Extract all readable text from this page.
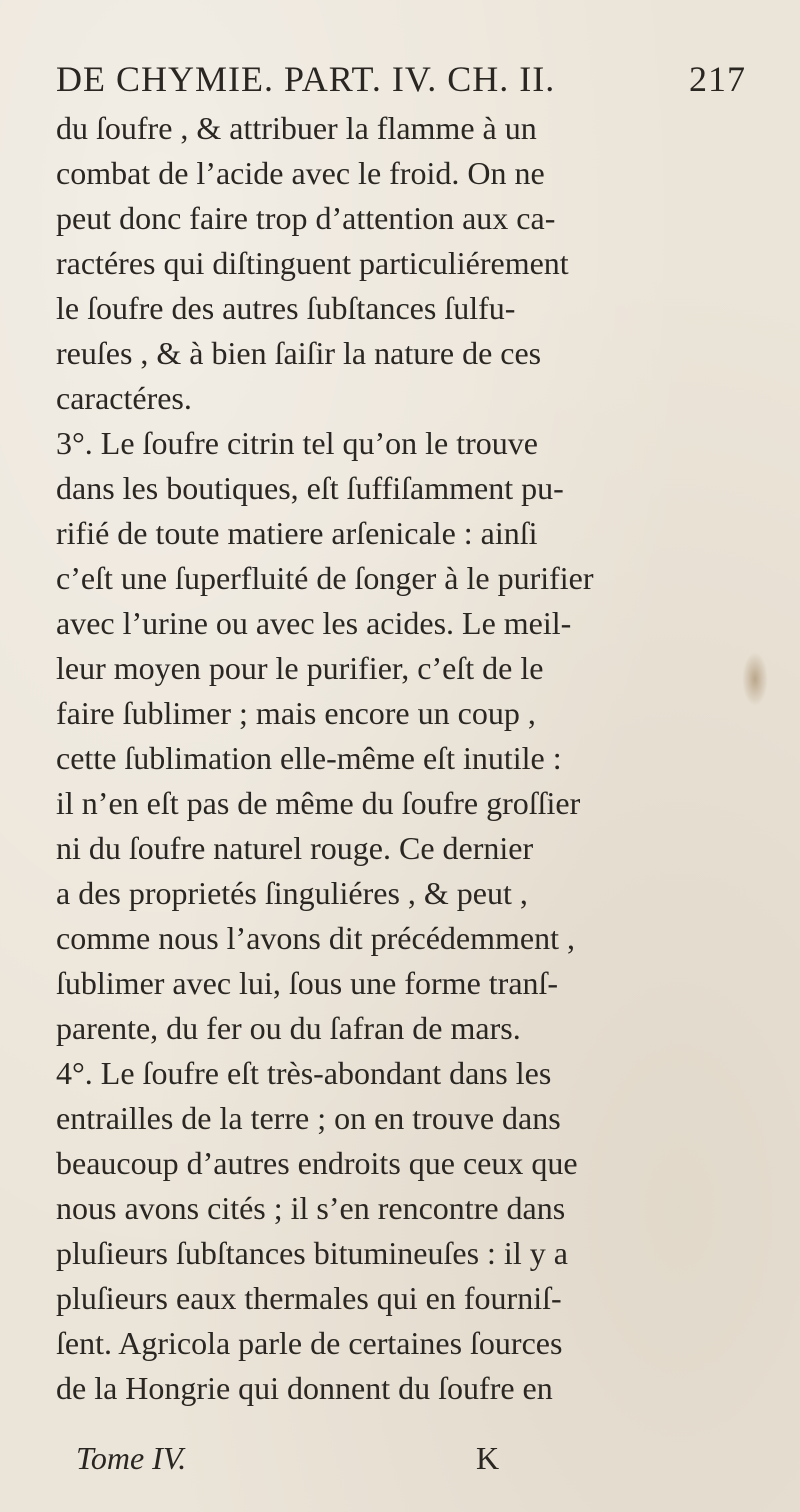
DE CHYMIE. PART. IV. CH. II.	217
du ſoufre , & attribuer la flamme à un
combat de l’acide avec le froid. On ne
peut donc faire trop d’attention aux ca-
ractéres qui diſtinguent particuliérement
le ſoufre des autres ſubſtances ſulfu-
reuſes , & à bien ſaiſir la nature de ces
caractéres.
3°. Le ſoufre citrin tel qu’on le trouve
dans les boutiques, eſt ſuffiſamment pu-
rifié de toute matiere arſenicale : ainſi
c’eſt une ſuperfluité de ſonger à le purifier
avec l’urine ou avec les acides. Le meil-
leur moyen pour le purifier, c’eſt de le
faire ſublimer ; mais encore un coup ,
cette ſublimation elle-même eſt inutile :
il n’en eſt pas de même du ſoufre groſſier
ni du ſoufre naturel rouge. Ce dernier
a des proprietés ſinguliéres , & peut ,
comme nous l’avons dit précédemment ,
ſublimer avec lui, ſous une forme tranſ-
parente, du fer ou du ſafran de mars.
4°. Le ſoufre eſt très-abondant dans les
entrailles de la terre ; on en trouve dans
beaucoup d’autres endroits que ceux que
nous avons cités ; il s’en rencontre dans
pluſieurs ſubſtances bitumineuſes : il y a
pluſieurs eaux thermales qui en fourniſ-
ſent. Agricola parle de certaines ſources
de la Hongrie qui donnent du ſoufre en
Tome IV.	K
